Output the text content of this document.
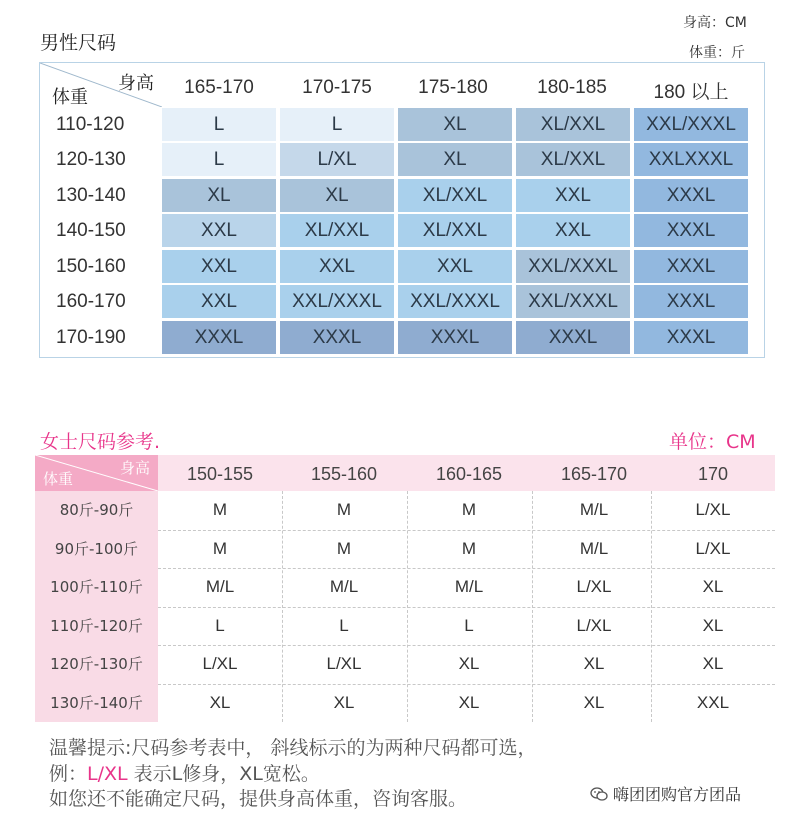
男性尺码
身高：CM
体重：斤
身高
体重	165-170	170-175	175-180	180-185	180 以上
110-120	L	L	XL	XL/XXL	XXL/XXXL
120-130	L	L/XL	XL	XL/XXL	XXLXXXL
130-140	XL	XL	XL/XXL	XXL	XXXL
140-150	XXL	XL/XXL	XL/XXL	XXL	XXXL
150-160	XXL	XXL	XXL	XXL/XXXL	XXXL
160-170	XXL	XXL/XXXL	XXL/XXXL	XXL/XXXL	XXXL
170-190	XXXL	XXXL	XXXL	XXXL	XXXL
女士尺码参考.	单位：CM
身高
体重	150-155	155-160	160-165	165-170	170
80斤-90斤	M	M	M	M/L	L/XL
90斤-100斤	M	M	M	M/L	L/XL
100斤-110斤	M/L	M/L	M/L	L/XL	XL
110斤-120斤	L	L	L	L/XL	XL
120斤-130斤	L/XL	L/XL	XL	XL	XL
130斤-140斤	XL	XL	XL	XL	XXL
温馨提示:尺码参考表中， 斜线标示的为两种尺码都可选，
例：L/XL 表示L修身，XL宽松。
如您还不能确定尺码，提供身高体重，咨询客服。	嗨团团购官方团品
